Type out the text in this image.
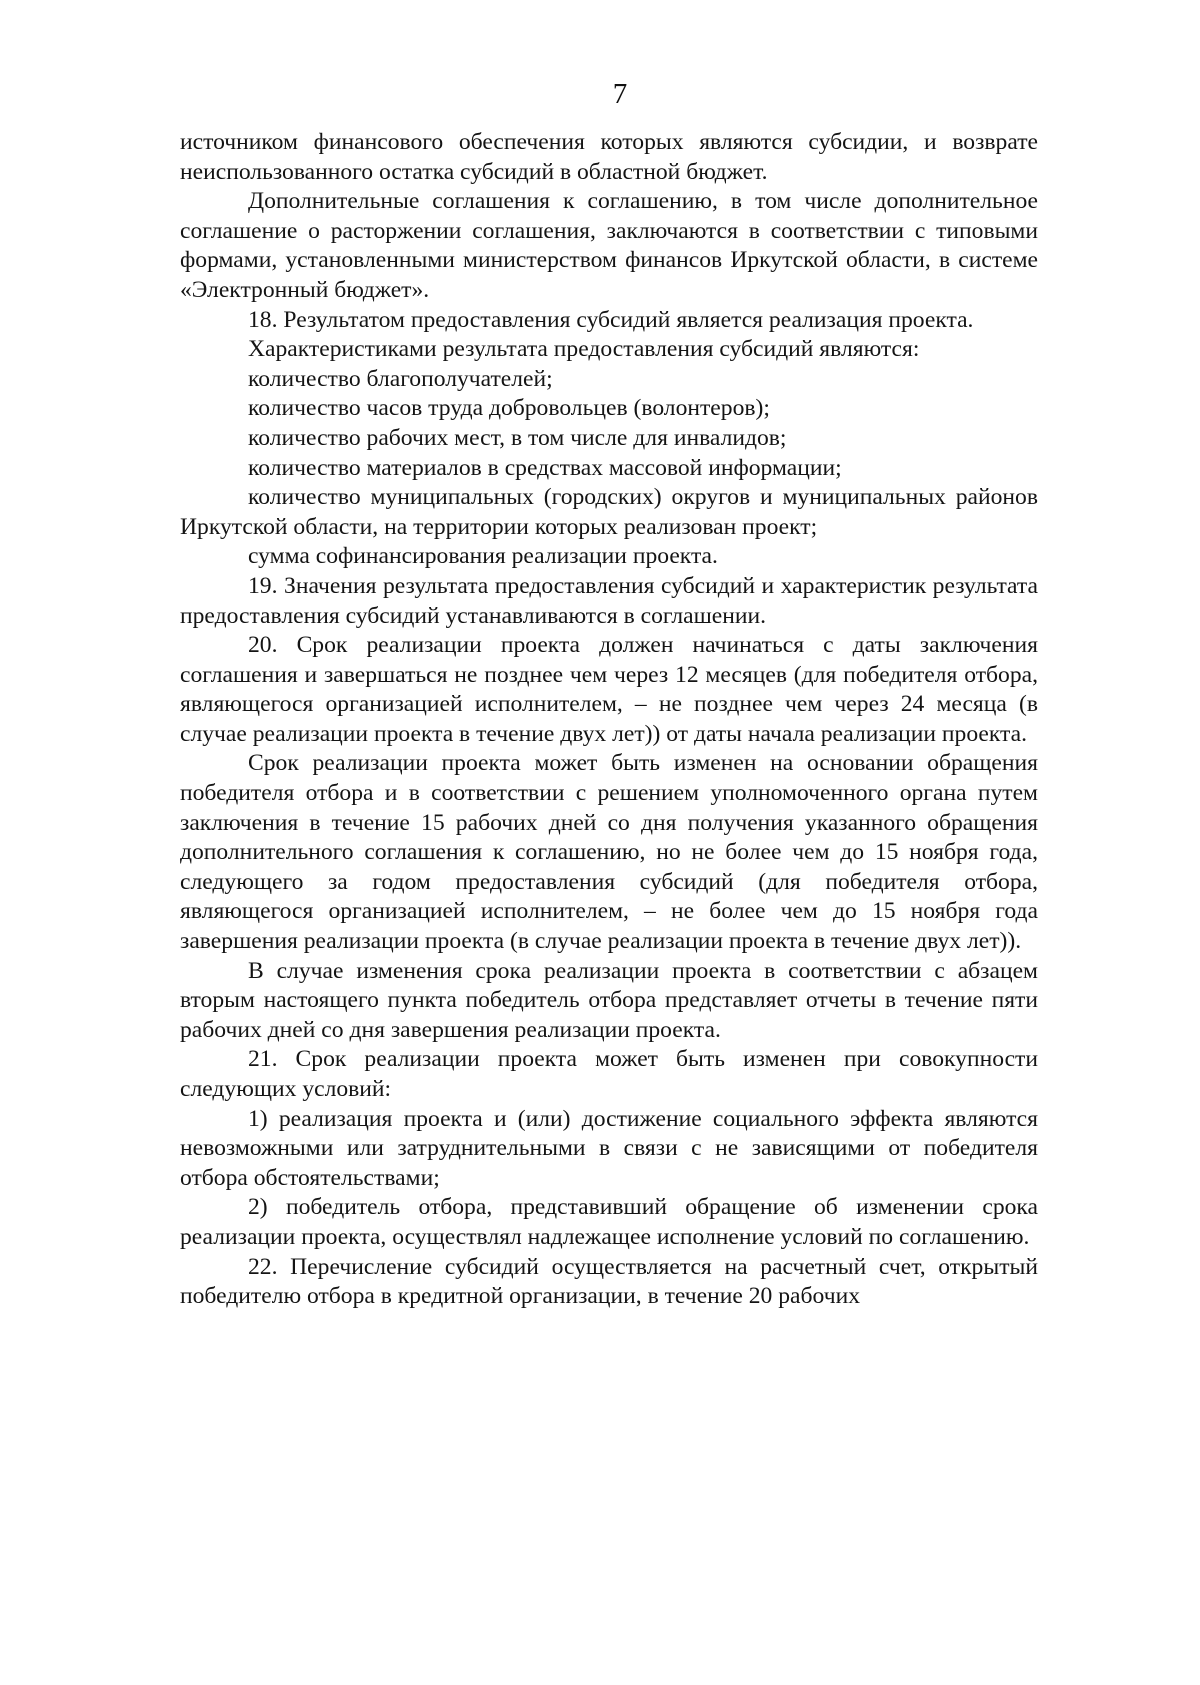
7

источником финансового обеспечения которых являются субсидии, и возврате неиспользованного остатка субсидий в областной бюджет.

Дополнительные соглашения к соглашению, в том числе дополнительное соглашение о расторжении соглашения, заключаются в соответствии с типовыми формами, установленными министерством финансов Иркутской области, в системе «Электронный бюджет».

18. Результатом предоставления субсидий является реализация проекта.

Характеристиками результата предоставления субсидий являются:

количество благополучателей;

количество часов труда добровольцев (волонтеров);

количество рабочих мест, в том числе для инвалидов;

количество материалов в средствах массовой информации;

количество муниципальных (городских) округов и муниципальных районов Иркутской области, на территории которых реализован проект;

сумма софинансирования реализации проекта.

19. Значения результата предоставления субсидий и характеристик результата предоставления субсидий устанавливаются в соглашении.

20. Срок реализации проекта должен начинаться с даты заключения соглашения и завершаться не позднее чем через 12 месяцев (для победителя отбора, являющегося организацией исполнителем, – не позднее чем через 24 месяца (в случае реализации проекта в течение двух лет)) от даты начала реализации проекта.

Срок реализации проекта может быть изменен на основании обращения победителя отбора и в соответствии с решением уполномоченного органа путем заключения в течение 15 рабочих дней со дня получения указанного обращения дополнительного соглашения к соглашению, но не более чем до 15 ноября года, следующего за годом предоставления субсидий (для победителя отбора, являющегося организацией исполнителем, – не более чем до 15 ноября года завершения реализации проекта (в случае реализации проекта в течение двух лет)).

В случае изменения срока реализации проекта в соответствии с абзацем вторым настоящего пункта победитель отбора представляет отчеты в течение пяти рабочих дней со дня завершения реализации проекта.

21. Срок реализации проекта может быть изменен при совокупности следующих условий:

1) реализация проекта и (или) достижение социального эффекта являются невозможными или затруднительными в связи с не зависящими от победителя отбора обстоятельствами;

2) победитель отбора, представивший обращение об изменении срока реализации проекта, осуществлял надлежащее исполнение условий по соглашению.

22. Перечисление субсидий осуществляется на расчетный счет, открытый победителю отбора в кредитной организации, в течение 20 рабочих
